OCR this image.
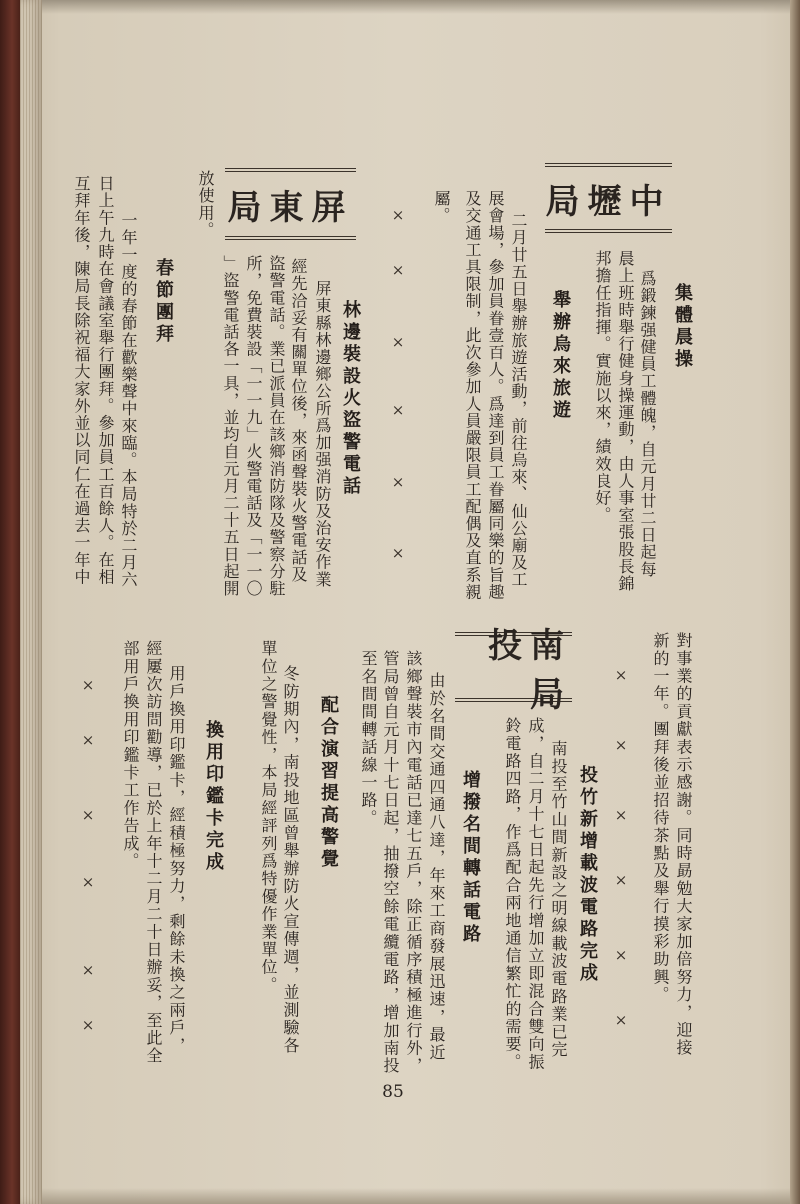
中壢局
集體晨操
爲鍛鍊强健員工體魄，自元月廿二日起每
晨上班時舉行健身操運動，由人事室張股長錦
邦擔任指揮。實施以來，績效良好。
舉辦烏來旅遊
二月廿五日舉辦旅遊活動，前往烏來、仙公廟及工
展會場，參加員眷壹百人。爲達到員工眷屬同樂的旨趣
及交通工具限制，此次參加人員嚴限員工配偶及直系親
屬。
屏東局
林邊裝設火盜警電話
屏東縣林邊鄉公所爲加强消防及治安作業
經先洽妥有關單位後，來函聲裝火警電話及
盜警電話。業已派員在該鄉消防隊及警察分駐
所，免費裝設「一一九」火警電話及「一一〇
」盜警電話各一具，並均自元月二十五日起開
放使用。
春節團拜
一年一度的春節在歡樂聲中來臨。本局特於二月六
日上午九時在會議室舉行團拜。參加員工百餘人。在相
互拜年後，陳局長除祝福大家外並以同仁在過去一年中
對事業的貢獻表示感謝。同時勗勉大家加倍努力，迎接
新的一年。團拜後並招待茶點及舉行摸彩助興。
南投局
投竹新增載波電路完成
南投至竹山間新設之明線載波電路業已完
成，自二月十七日起先行增加立即混合雙向振
鈴電路四路，作爲配合兩地通信繁忙的需要。
增撥名間轉話電路
由於名間交通四通八達，年來工商發展迅速，最近
該鄉聲裝市內電話已達七五戶，除正循序積極進行外，
管局曾自元月十七日起，抽撥空餘電纜電路，增加南投
至名間間轉話線一路。
配合演習提高警覺
冬防期內，南投地區曾舉辦防火宣傳週，並測驗各
單位之警覺性，本局經評列爲特優作業單位。
換用印鑑卡完成
用戶換用印鑑卡，經積極努力，剩餘未換之兩戶，
經屢次訪問勸導，已於上年十二月二十日辦妥，至此全
部用戶換用印鑑卡工作告成。
×
×
×
×
×
×
×
×
×
×
×
×
×
×
×
×
×
×
85
